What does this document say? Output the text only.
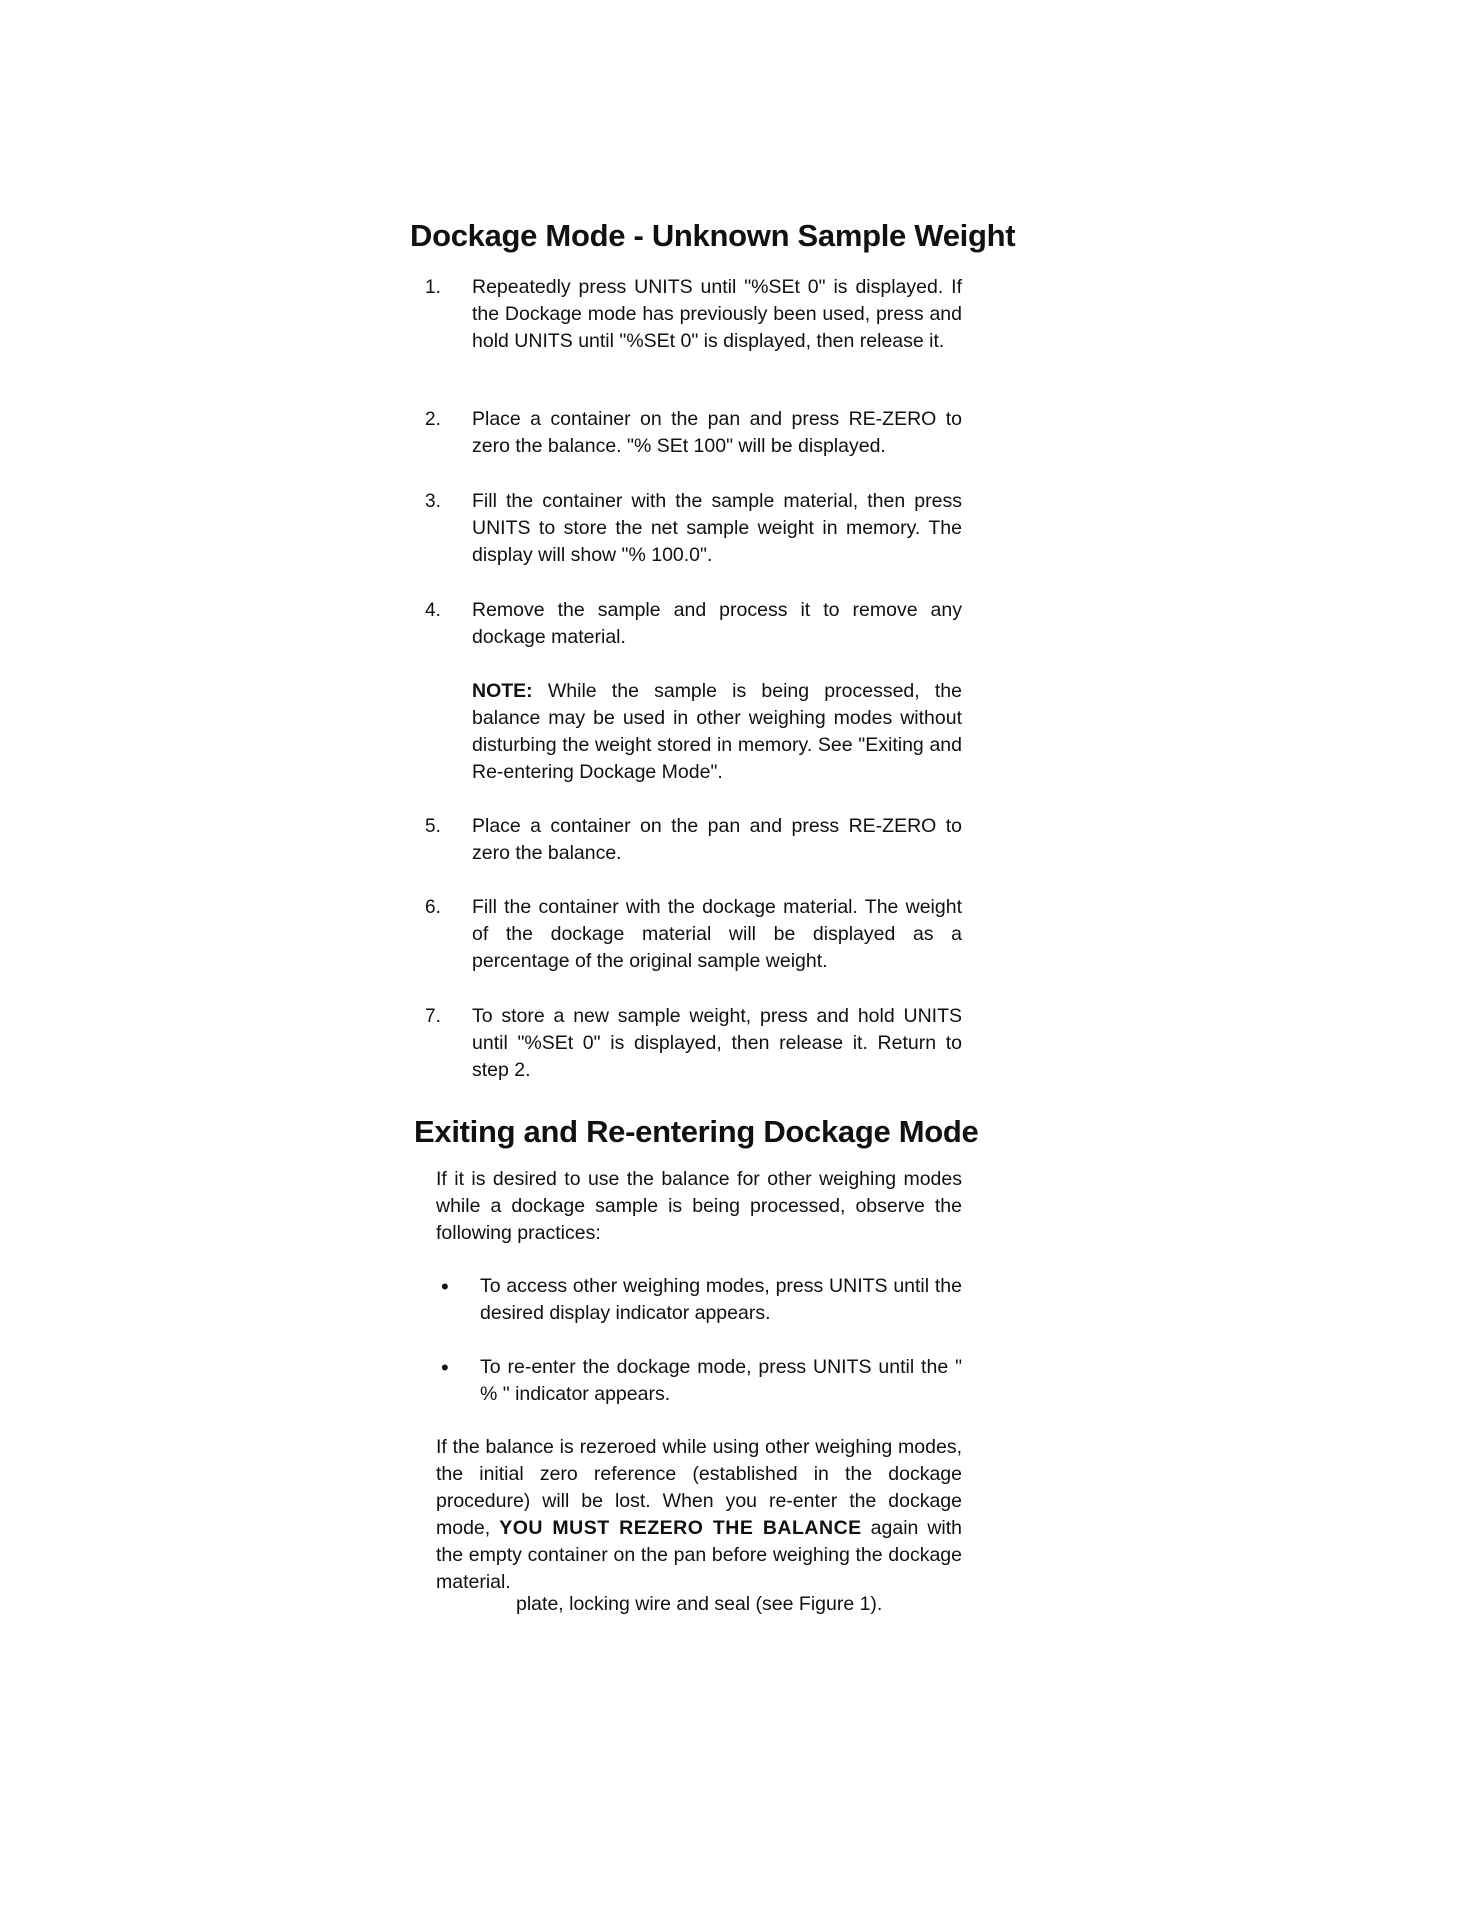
Dockage Mode - Unknown Sample Weight
1. Repeatedly press UNITS until "%SEt 0" is displayed. If the Dockage mode has previously been used, press and hold UNITS until "%SEt 0" is displayed, then release it.

2. Place a container on the pan and press RE-ZERO to zero the balance. "% SEt 100" will be displayed.

3. Fill the container with the sample material, then press UNITS to store the net sample weight in memory. The display will show "% 100.0".

4. Remove the sample and process it to remove any dockage material.

NOTE: While the sample is being processed, the balance may be used in other weighing modes without disturbing the weight stored in memory. See "Exiting and Re-entering Dockage Mode".

5. Place a container on the pan and press RE-ZERO to zero the balance.

6. Fill the container with the dockage material. The weight of the dockage material will be displayed as a percentage of the original sample weight.

7. To store a new sample weight, press and hold UNITS until "%SEt 0" is displayed, then release it. Return to step 2.

Exiting and Re-entering Dockage Mode

If it is desired to use the balance for other weighing modes while a dockage sample is being processed, observe the following practices:

• To access other weighing modes, press UNITS until the desired display indicator appears.

• To re-enter the dockage mode, press UNITS until the " % " indicator appears.

If the balance is rezeroed while using other weighing modes, the initial zero reference (established in the dockage procedure) will be lost. When you re-enter the dockage mode, YOU MUST REZERO THE BALANCE again with the empty container on the pan before weighing the dockage material.

plate, locking wire and seal (see Figure 1).
